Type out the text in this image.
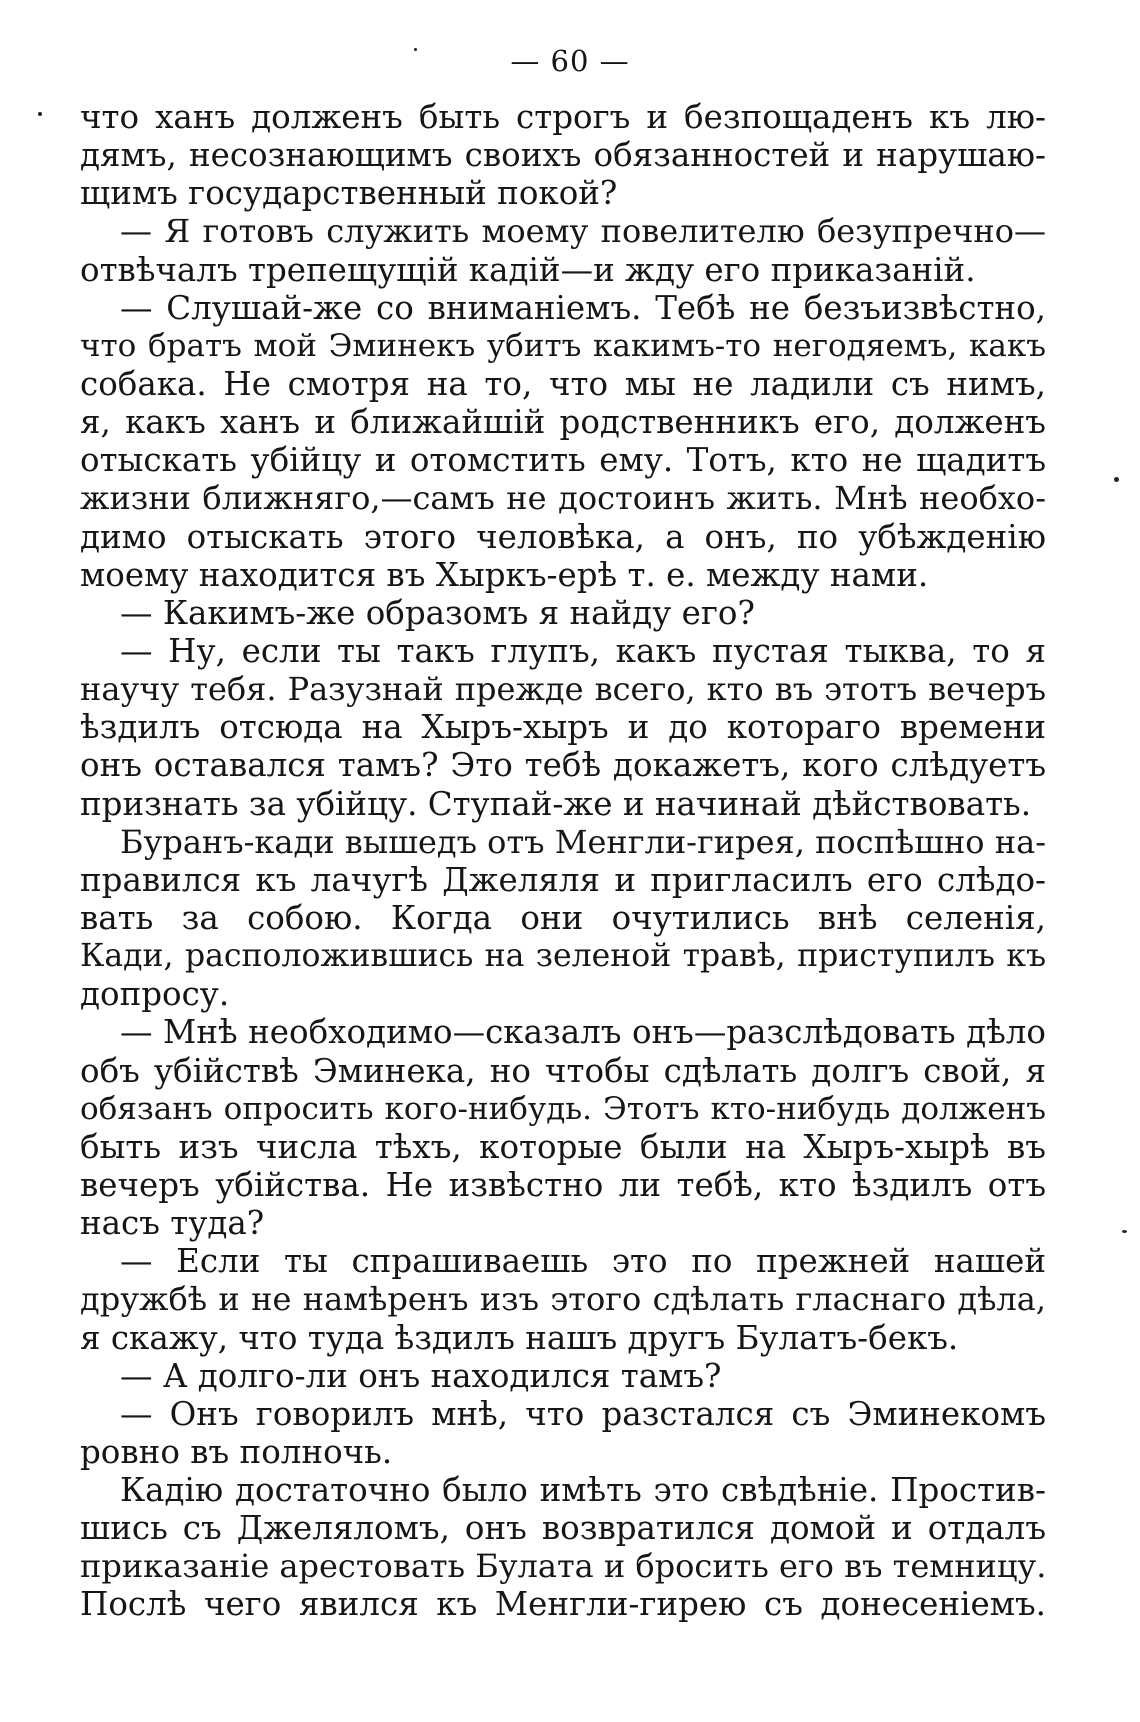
— 60 —
что ханъ долженъ быть строгъ и безпощаденъ къ лю-
дямъ, несознающимъ своихъ обязанностей и нарушаю-
щимъ государственный покой?
— Я готовъ служить моему повелителю безупречно—
отвѣчалъ трепещущій кадій—и жду его приказаній.
— Слушай-же со вниманіемъ. Тебѣ не безъизвѣстно,
что братъ мой Эминекъ убитъ какимъ-то негодяемъ, какъ
собака. Не смотря на то, что мы не ладили съ нимъ,
я, какъ ханъ и ближайшій родственникъ его, долженъ
отыскать убійцу и отомстить ему. Тотъ, кто не щадитъ
жизни ближняго,—самъ не достоинъ жить. Мнѣ необхо-
димо отыскать этого человѣка, а онъ, по убѣжденію
моему находится въ Хыркъ-ерѣ т. е. между нами.
— Какимъ-же образомъ я найду его?
— Ну, если ты такъ глупъ, какъ пустая тыква, то я
научу тебя. Разузнай прежде всего, кто въ этотъ вечеръ
ѣздилъ отсюда на Хыръ-хыръ и до котораго времени
онъ оставался тамъ? Это тебѣ докажетъ, кого слѣдуетъ
признать за убійцу. Ступай-же и начинай дѣйствовать.
Буранъ-кади вышедъ отъ Менгли-гирея, поспѣшно на-
правился къ лачугѣ Джеляля и пригласилъ его слѣдо-
вать за собою. Когда они очутились внѣ селенія,
Кади, расположившись на зеленой травѣ, приступилъ къ
допросу.
— Мнѣ необходимо—сказалъ онъ—разслѣдовать дѣло
объ убійствѣ Эминека, но чтобы сдѣлать долгъ свой, я
обязанъ опросить кого-нибудь. Этотъ кто-нибудь долженъ
быть изъ числа тѣхъ, которые были на Хыръ-хырѣ въ
вечеръ убійства. Не извѣстно ли тебѣ, кто ѣздилъ отъ
насъ туда?
— Если ты спрашиваешь это по прежней нашей
дружбѣ и не намѣренъ изъ этого сдѣлать гласнаго дѣла,
я скажу, что туда ѣздилъ нашъ другъ Булатъ-бекъ.
— А долго-ли онъ находился тамъ?
— Онъ говорилъ мнѣ, что разстался съ Эминекомъ
ровно въ полночь.
Кадію достаточно было имѣть это свѣдѣніе. Простив-
шись съ Джеляломъ, онъ возвратился домой и отдалъ
приказаніе арестовать Булата и бросить его въ темницу.
Послѣ чего явился къ Менгли-гирею съ донесеніемъ.
